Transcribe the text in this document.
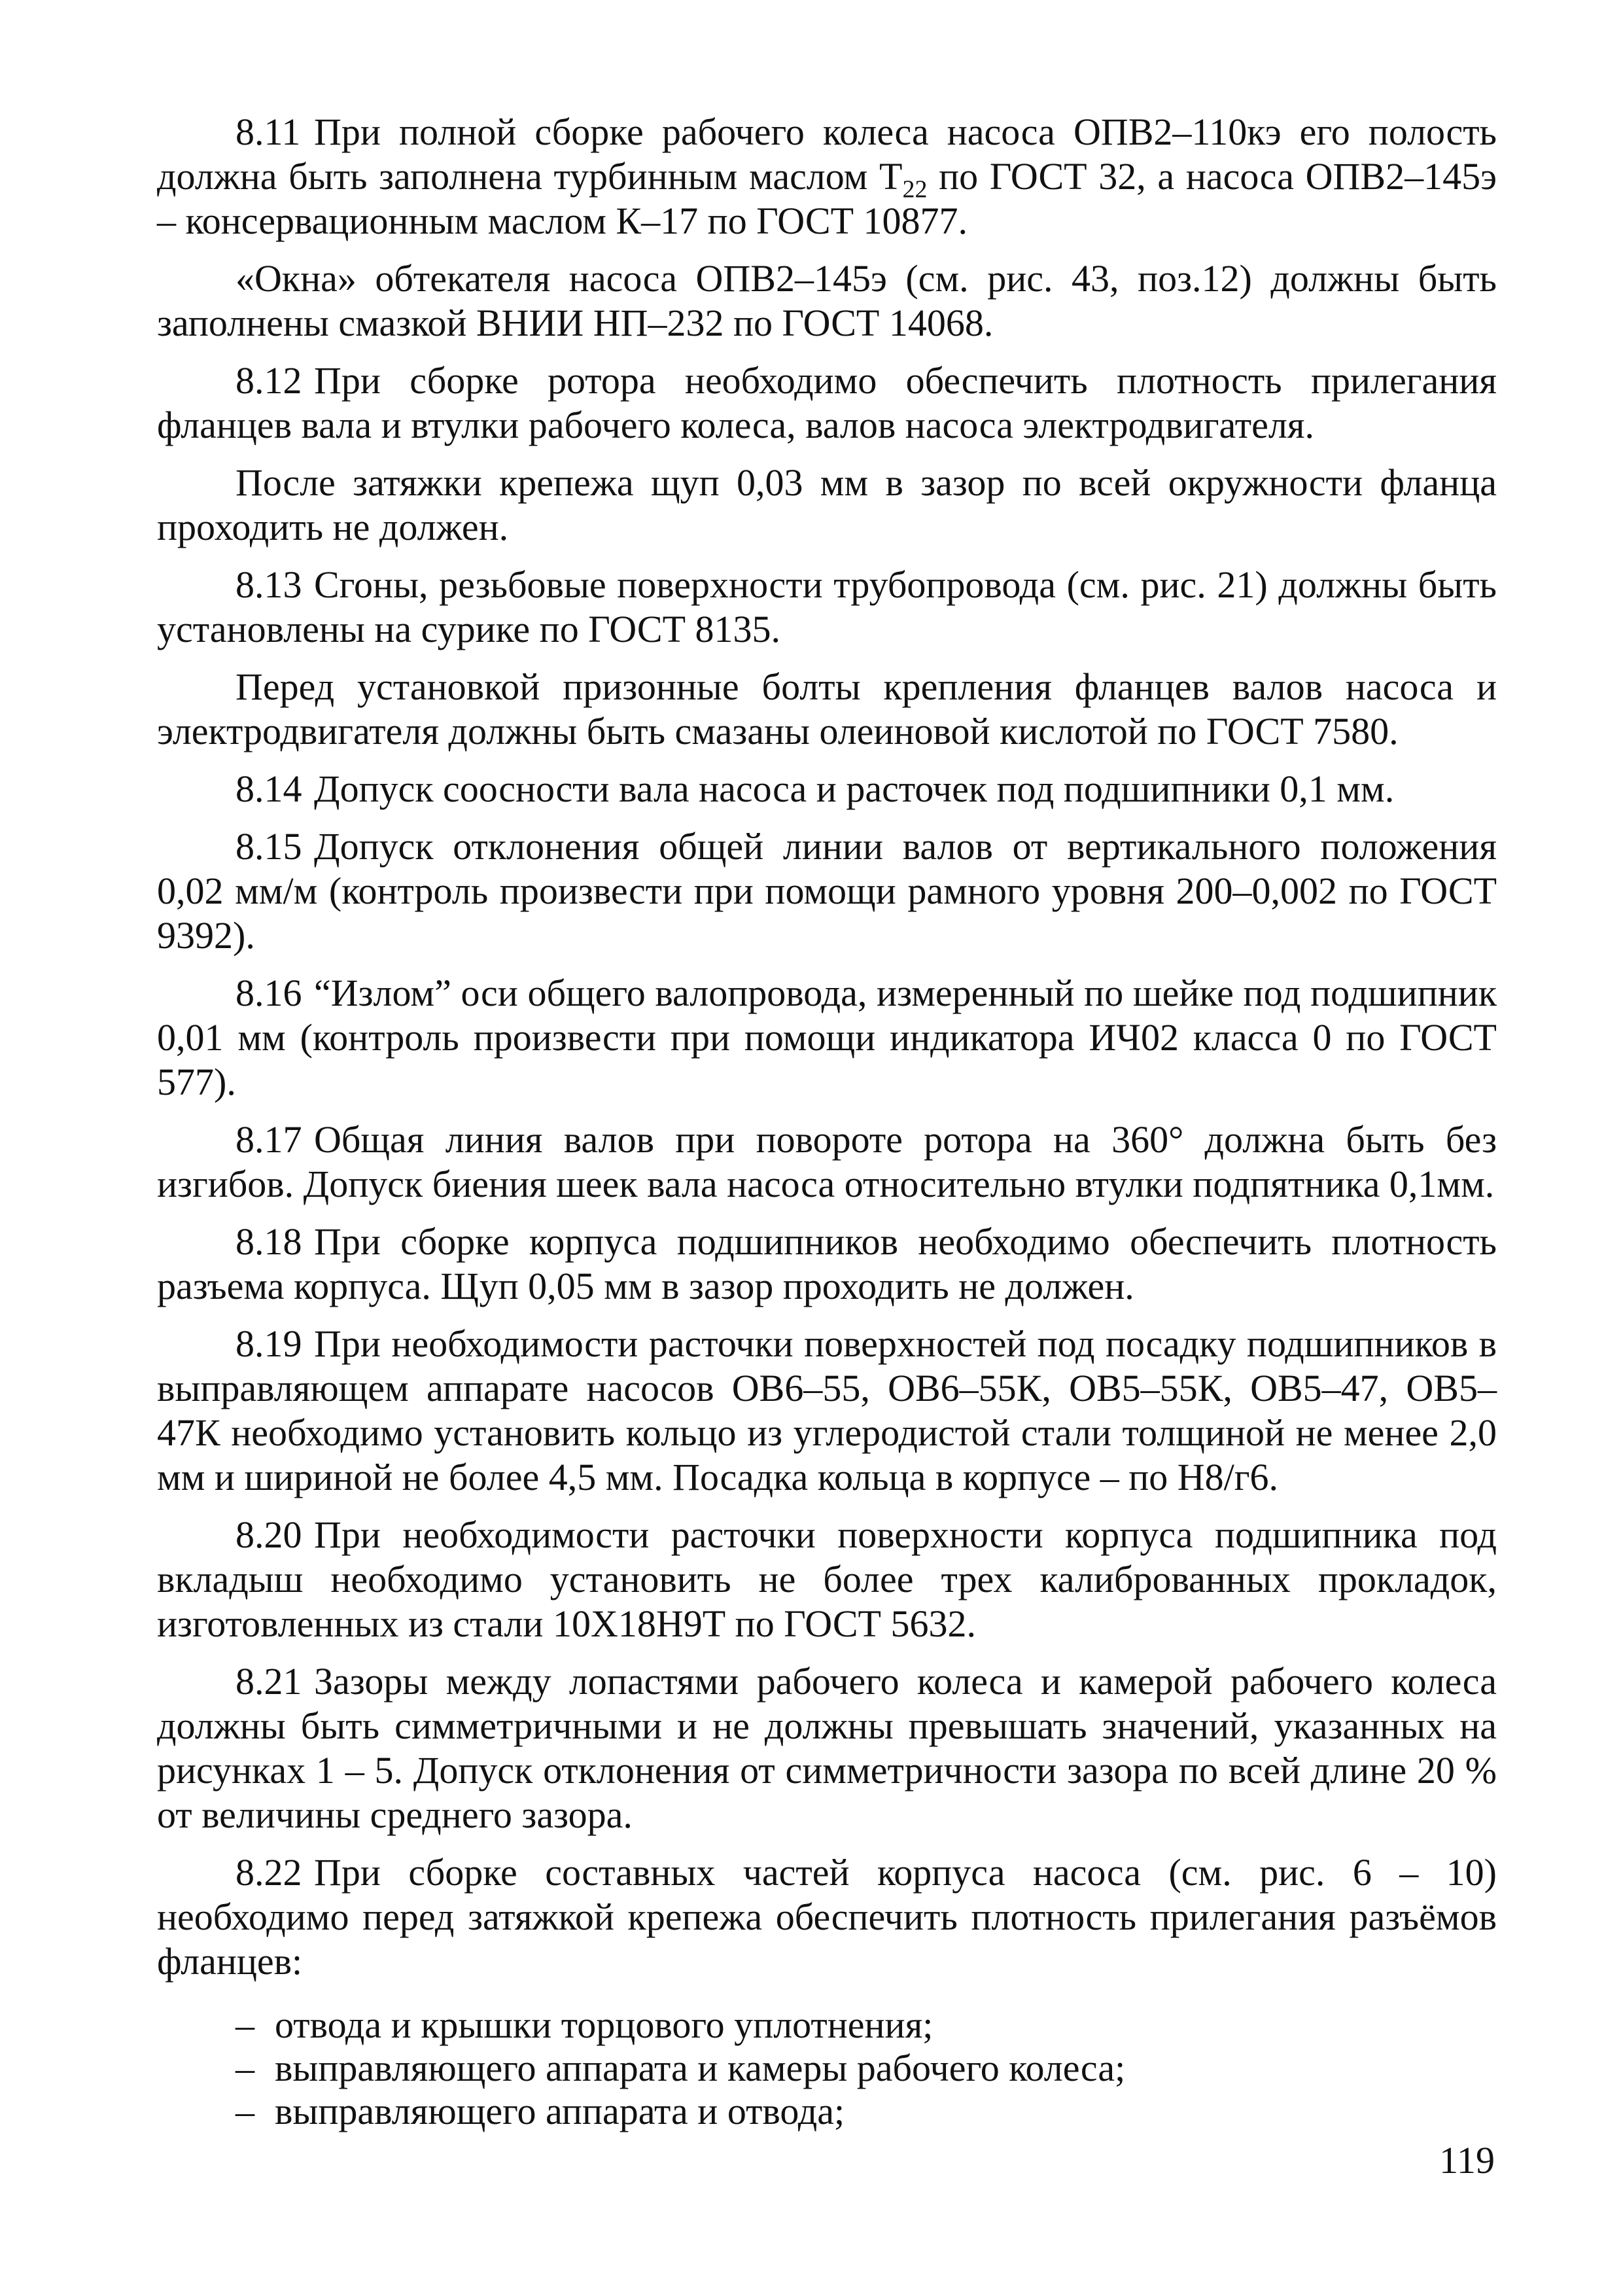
8.11 При полной сборке рабочего колеса насоса ОПВ2–110кэ его полость должна быть заполнена турбинным маслом $Т_{22}$ по ГОСТ 32, а насоса ОПВ2–145э – консервационным маслом К–17 по ГОСТ 10877.

«Окна» обтекателя насоса ОПВ2–145э (см. рис. 43, поз.12) должны быть заполнены смазкой ВНИИ НП–232 по ГОСТ 14068.

8.12 При сборке ротора необходимо обеспечить плотность прилегания фланцев вала и втулки рабочего колеса, валов насоса электродвигателя.

После затяжки крепежа щуп 0,03 мм в зазор по всей окружности фланца проходить не должен.

8.13 Сгоны, резьбовые поверхности трубопровода (см. рис. 21) должны быть установлены на сурике по ГОСТ 8135.

Перед установкой призонные болты крепления фланцев валов насоса и электродвигателя должны быть смазаны олеиновой кислотой по ГОСТ 7580.

8.14 Допуск соосности вала насоса и расточек под подшипники 0,1 мм.

8.15 Допуск отклонения общей линии валов от вертикального положения 0,02 мм/м (контроль произвести при помощи рамного уровня 200–0,002 по ГОСТ 9392).

8.16 “Излом” оси общего валопровода, измеренный по шейке под подшипник 0,01 мм (контроль произвести при помощи индикатора ИЧ02 класса 0 по ГОСТ 577).

8.17 Общая линия валов при повороте ротора на 360° должна быть без изгибов. Допуск биения шеек вала насоса относительно втулки подпятника 0,1мм.

8.18 При сборке корпуса подшипников необходимо обеспечить плотность разъема корпуса. Щуп 0,05 мм в зазор проходить не должен.

8.19 При необходимости расточки поверхностей под посадку подшипников в выправляющем аппарате насосов ОВ6–55, ОВ6–55К, ОВ5–55К, ОВ5–47, ОВ5–47К необходимо установить кольцо из углеродистой стали толщиной не менее 2,0 мм и шириной не более 4,5 мм. Посадка кольца в корпусе – по Н8/г6.

8.20 При необходимости расточки поверхности корпуса подшипника под вкладыш необходимо установить не более трех калиброванных прокладок, изготовленных из стали 10Х18Н9Т по ГОСТ 5632.

8.21 Зазоры между лопастями рабочего колеса и камерой рабочего колеса должны быть симметричными и не должны превышать значений, указанных на рисунках 1 – 5. Допуск отклонения от симметричности зазора по всей длине 20 % от величины среднего зазора.

8.22 При сборке составных частей корпуса насоса (см. рис. 6 – 10) необходимо перед затяжкой крепежа обеспечить плотность прилегания разъёмов фланцев:

– отвода и крышки торцового уплотнения;
– выправляющего аппарата и камеры рабочего колеса;
– выправляющего аппарата и отвода;
119
